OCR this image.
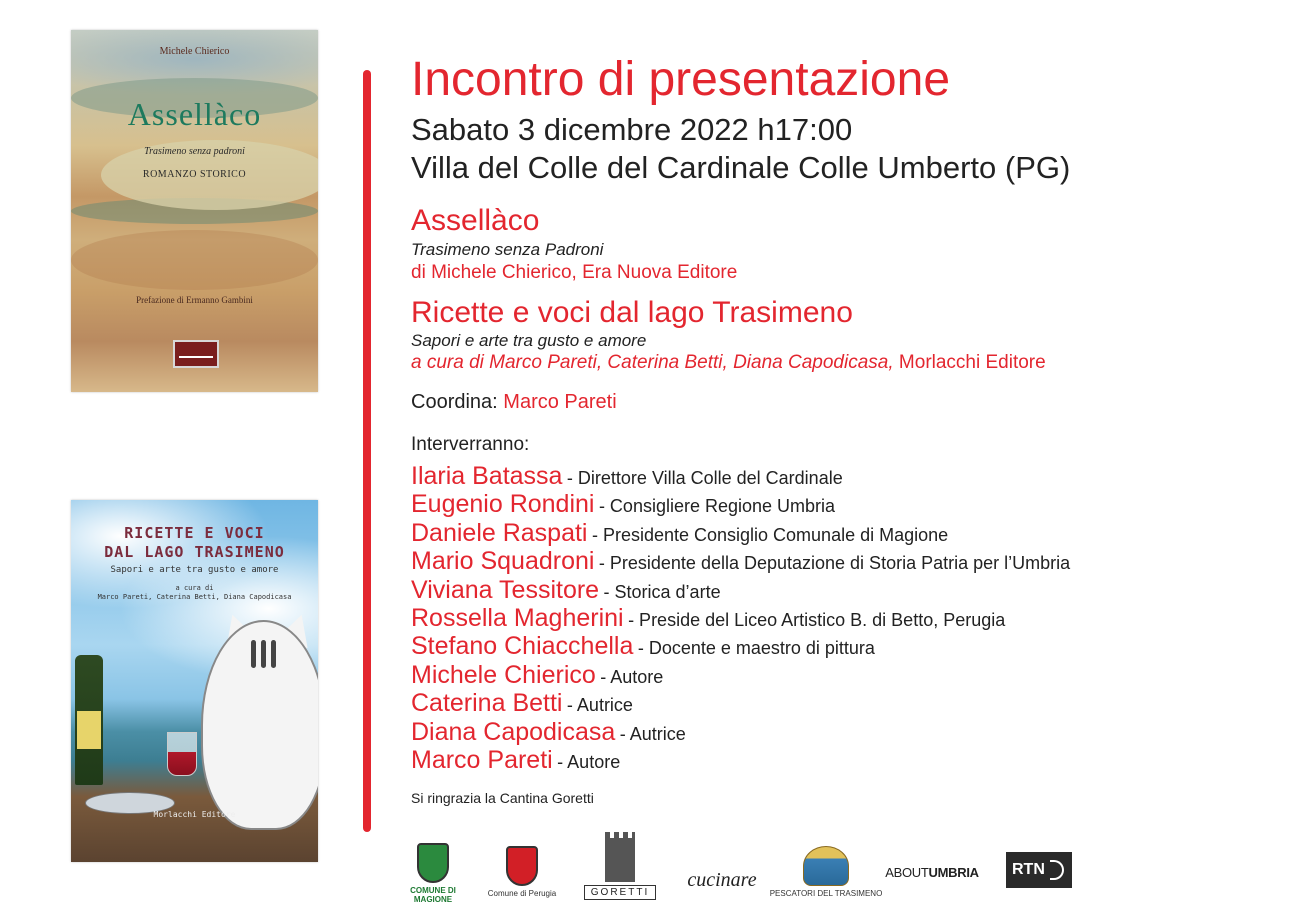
Michele Chierico
Assellàco
Trasimeno senza padroni
ROMANZO STORICO
Prefazione di Ermanno Gambini
RICETTE E VOCI
DAL LAGO TRASIMENO
Sapori e arte tra gusto e amore
a cura di
Marco Pareti, Caterina Betti, Diana Capodicasa
Morlacchi Editore
Incontro di presentazione
Sabato 3 dicembre 2022 h17:00
Villa del Colle del Cardinale Colle Umberto (PG)
Assellàco
Trasimeno senza Padroni
di Michele Chierico, Era Nuova Editore
Ricette e voci dal lago Trasimeno
Sapori e arte tra gusto e amore
a cura di Marco Pareti, Caterina Betti, Diana Capodicasa, Morlacchi Editore
Coordina: Marco Pareti
Interverranno:
Ilaria Batassa - Direttore Villa Colle del Cardinale
Eugenio Rondini - Consigliere Regione Umbria
Daniele Raspati - Presidente Consiglio Comunale di Magione
Mario Squadroni - Presidente della Deputazione di Storia Patria per l’Umbria
Viviana Tessitore - Storica d’arte
Rossella Magherini - Preside del Liceo Artistico B. di Betto, Perugia
Stefano Chiacchella - Docente e maestro di pittura
Michele Chierico - Autore
Caterina Betti - Autrice
Diana Capodicasa - Autrice
Marco Pareti - Autore
Si ringrazia la Cantina Goretti
COMUNE DI
MAGIONE
Comune di Perugia	GORETTI
cucinare
PESCATORI DEL TRASIMENO
ABOUTUMBRIA RTN
